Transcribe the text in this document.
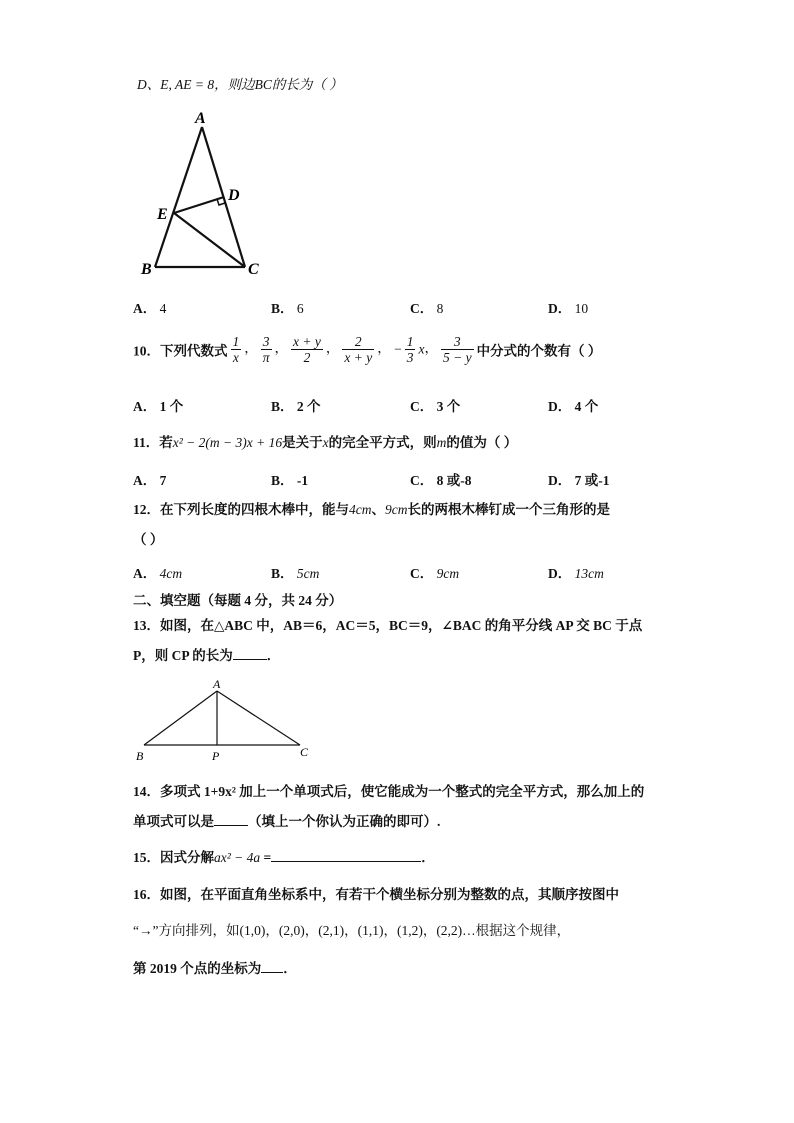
D、E, AE = 8，则边BC的长为（ ）
A
D
E
B	C
A． 4	B． 6	C． 8	D． 10
10．下列代数式 $\frac{1}{x}$ ， $\frac{3}{\pi}$ ， $\frac{x + y}{2}$ ， $\frac{2}{x + y}$ ， − $\frac{1}{3}$ x， $\frac{3}{5 - y}$ 中分式的个数有（ ）
A． 1 个	B． 2 个	C． 3 个	D． 4 个
11．若x² − 2(m − 3)x + 16是关于x的完全平方式，则m的值为（ ）
A． 7	B． -1	C． 8 或-8	D． 7 或-1
12．在下列长度的四根木棒中，能与4cm、9cm长的两根木棒钉成一个三角形的是
（ ）
A． 4cm	B． 5cm	C． 9cm	D． 13cm
二、填空题（每题 4 分，共 24 分）
13．如图，在△ABC 中，AB＝6，AC＝5，BC＝9，∠BAC 的角平分线 AP 交 BC 于点
P，则 CP 的长为	．
A
B	P	C
14．多项式 1+9x² 加上一个单项式后，使它能成为一个整式的完全平方式，那么加上的
单项式可以是	（填上一个你认为正确的即可）.
15．因式分解ax² − 4a =	．
16．如图，在平面直角坐标系中，有若干个横坐标分别为整数的点，其顺序按图中
“→”方向排列，如(1,0)，(2,0)，(2,1)，(1,1)，(1,2)，(2,2)…根据这个规律，
第 2019 个点的坐标为 ．
